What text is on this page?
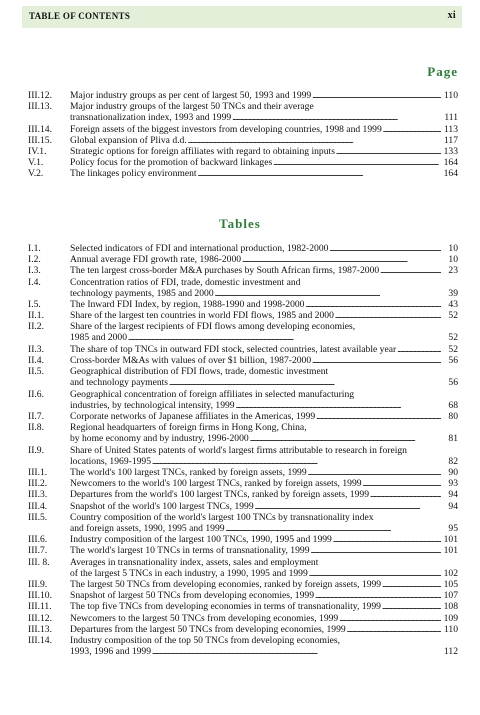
TABLE OF CONTENTS	xi
Page
III.12.	Major industry groups as per cent of largest 50, 1993 and 1999 . . .	110
III.13.	Major industry groups of the largest 50 TNCs and their average
transnationalization index, 1993 and 1999 . . .	111
III.14.	Foreign assets of the biggest investors from developing countries, 1998 and 1999 . . .	113
III.15.	Global expansion of Pliva d.d. . . .	117
IV.1.	Strategic options for foreign affiliates with regard to obtaining inputs . . .	133
V.1.	Policy focus for the promotion of backward linkages . . .	164
V.2.	The linkages policy environment . . .	164
Tables
I.1.	Selected indicators of FDI and international production, 1982-2000 . . .	10
I.2.	Annual average FDI growth rate, 1986-2000 . . .	10
I.3.	The ten largest cross-border M&A purchases by South African firms, 1987-2000 . . .	23
I.4.	Concentration ratios of FDI, trade, domestic investment and
technology payments, 1985 and 2000 . . .	39
I.5.	The Inward FDI Index, by region, 1988-1990 and 1998-2000 . . .	43
II.1.	Share of the largest ten countries in world FDI flows, 1985 and 2000 . . .	52
II.2.	Share of the largest recipients of FDI flows among developing economies,
1985 and 2000 . . .	52
II.3.	The share of top TNCs in outward FDI stock, selected countries, latest available year . . .	52
II.4.	Cross-border M&As with values of over $1 billion, 1987-2000 . . .	56
II.5.	Geographical distribution of FDI flows, trade, domestic investment
and technology payments . . .	56
II.6.	Geographical concentration of foreign affiliates in selected manufacturing
industries, by technological intensity, 1999 . . .	68
II.7.	Corporate networks of Japanese affiliates in the Americas, 1999 . . .	80
II.8.	Regional headquarters of foreign firms in Hong Kong, China,
by home economy and by industry, 1996-2000 . . .	81
II.9.	Share of United States patents of world's largest firms attributable to research in foreign
locations, 1969-1995 . . .	82
III.1.	The world's 100 largest TNCs, ranked by foreign assets, 1999 . . .	90
III.2.	Newcomers to the world's 100 largest TNCs, ranked by foreign assets, 1999 . . .	93
III.3.	Departures from the world's 100 largest TNCs, ranked by foreign assets, 1999 . . .	94
III.4.	Snapshot of the world's 100 largest TNCs, 1999 . . .	94
III.5.	Country composition of the world's largest 100 TNCs by transnationality index
and foreign assets, 1990, 1995 and 1999 . . .	95
III.6.	Industry composition of the largest 100 TNCs, 1990, 1995 and 1999 . . .	101
III.7.	The world's largest 10 TNCs in terms of transnationality, 1999 . . .	101
III. 8.	Averages in transnationality index, assets, sales and employment
of the largest 5 TNCs in each industry, a 1990, 1995 and 1999 . . .	102
III.9.	The largest 50 TNCs from developing economies, ranked by foreign assets, 1999 . . .	105
III.10.	Snapshot of largest 50 TNCs from developing economies, 1999 . . .	107
III.11.	The top five TNCs from developing economies in terms of transnationality, 1999 . . .	108
III.12.	Newcomers to the largest 50 TNCs from developing economies, 1999 . . .	109
III.13.	Departures from the largest 50 TNCs from developing economies, 1999 . . .	110
III.14.	Industry composition of the top 50 TNCs from developing economies,
1993, 1996 and 1999 . . .	112
